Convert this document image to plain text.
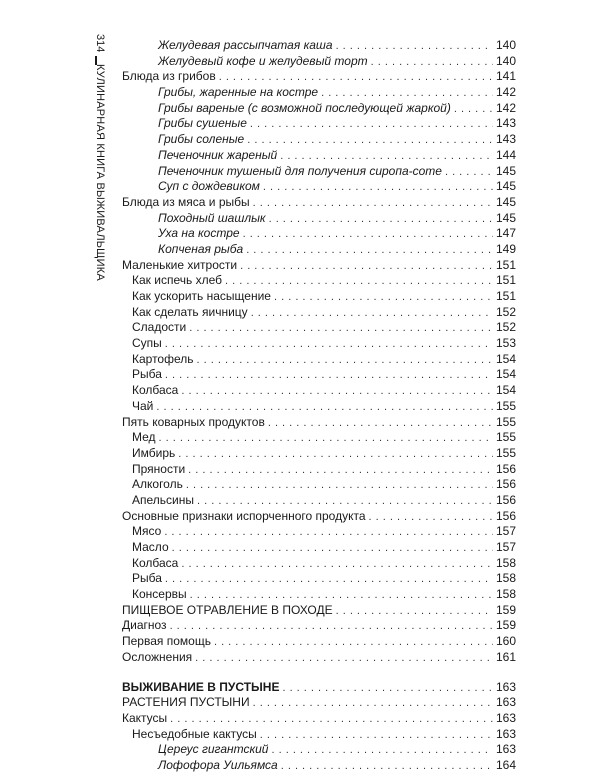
314
КУЛИНАРНАЯ КНИГА ВЫЖИВАЛЬЩИКА
Желудевая рассыпчатая каша . . .	140
Желудевый кофе и желудевый торт . . .	140
Блюда из грибов . . .	141
Грибы, жаренные на костре . . .	142
Грибы вареные (с возможной последующей жаркой) . . .	142
Грибы сушеные . . .	143
Грибы соленые . . .	143
Печеночник жареный . . .	144
Печеночник тушеный для получения сиропа-соте . . .	145
Суп с дождевиком . . .	145
Блюда из мяса и рыбы . . .	145
Походный шашлык . . .	145
Уха на костре . . .	147
Копченая рыба . . .	149
Маленькие хитрости . . .	151
Как испечь хлеб . . .	151
Как ускорить насыщение . . .	151
Как сделать яичницу . . .	152
Сладости . . .	152
Супы . . .	153
Картофель . . .	154
Рыба . . .	154
Колбаса . . .	154
Чай . . .	155
Пять коварных продуктов . . .	155
Мед . . .	155
Имбирь . . .	155
Пряности . . .	156
Алкоголь . . .	156
Апельсины . . .	156
Основные признаки испорченного продукта . . .	156
Мясо . . .	157
Масло . . .	157
Колбаса . . .	158
Рыба . . .	158
Консервы . . .	158
ПИЩЕВОЕ ОТРАВЛЕНИЕ В ПОХОДЕ . . .	159
Диагноз . . .	159
Первая помощь . . .	160
Осложнения . . .	161
ВЫЖИВАНИЕ В ПУСТЫНЕ . . .	163
РАСТЕНИЯ ПУСТЫНИ . . .	163
Кактусы . . .	163
Несъедобные кактусы . . .	163
Цереус гигантский . . .	163
Лофофора Уильямса . . .	164
